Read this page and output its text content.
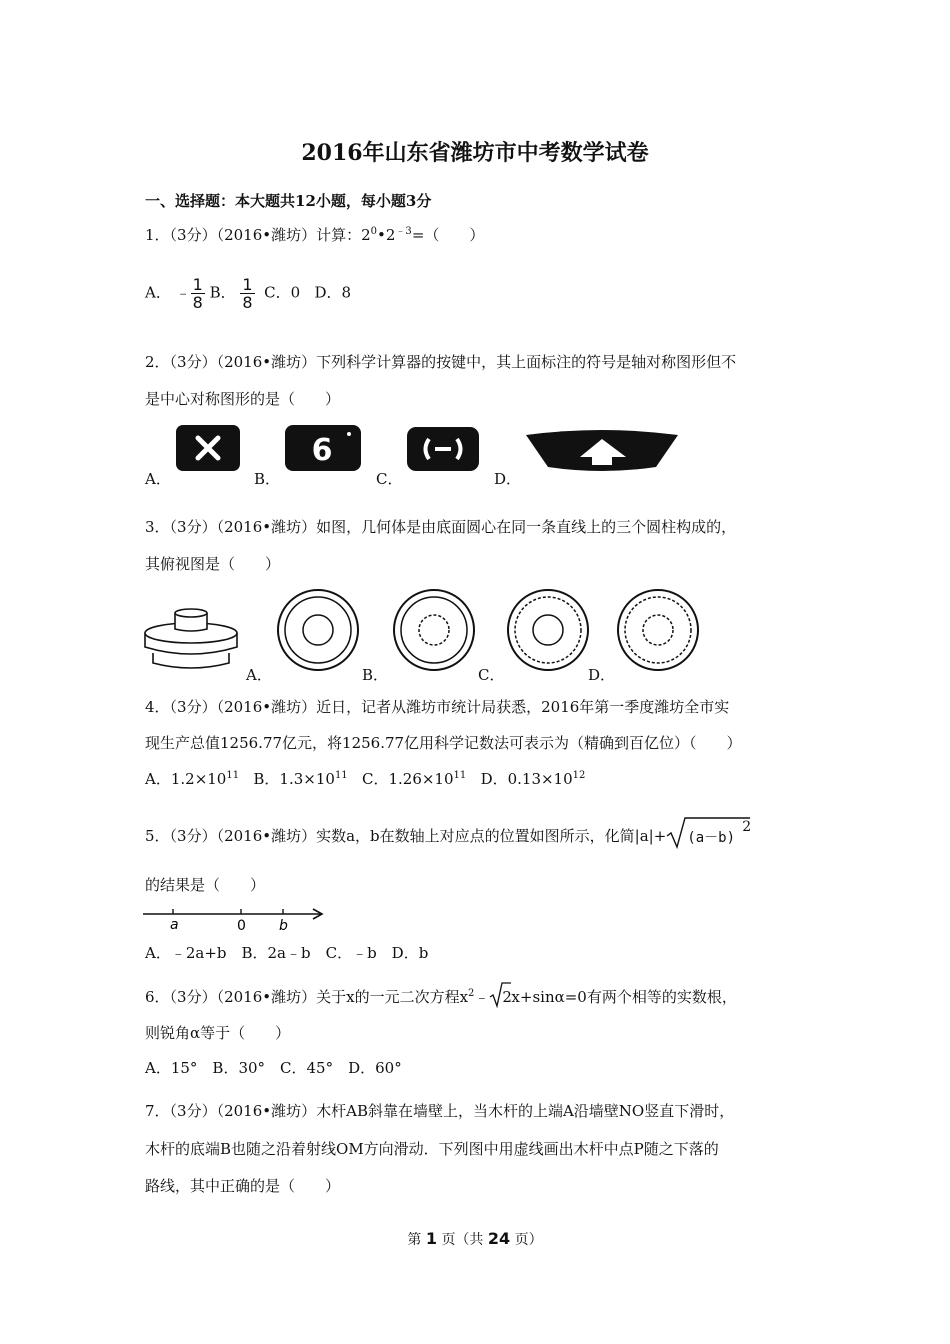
2016年山东省潍坊市中考数学试卷
一、选择题：本大题共12小题，每小题3分
1．（3分）（2016•潍坊）计算：$2^0•2^{﹣3}=$（　　）
A． ﹣ $\frac{1}{8}$ B． $\frac{1}{8}$ C．0 D．8
2．（3分）（2016•潍坊）下列科学计算器的按键中，其上面标注的符号是轴对称图形但不
是中心对称图形的是（　　）
A．	B．
6
C．	D．
3．（3分）（2016•潍坊）如图，几何体是由底面圆心在同一条直线上的三个圆柱构成的，
其俯视图是（　　）
A．	B．	C．	D．
4．（3分）（2016•潍坊）近日，记者从潍坊市统计局获悉，2016年第一季度潍坊全市实
现生产总值1256.77亿元，将1256.77亿用科学记数法可表示为（精确到百亿位）（　　）
A．$1.2\times 10^{11}$ B．$1.3\times 10^{11}$ C．$1.26\times 10^{11}$ D．$0.13\times 10^{12}$
5．（3分）（2016•潍坊）实数a，b在数轴上对应点的位置如图所示，化简|a|+ (a－b)
2
的结果是（　　）
a	0 b
A．﹣2a+b　B．2a﹣b　C．﹣b　D．b
6．（3分）（2016•潍坊）关于x的一元二次方程$x^2﹣$ 2 x+sinα=0有两个相等的实数根，
则锐角α等于（　　）
A．15°　B．30°　C．45°　D．60°
7．（3分）（2016•潍坊）木杆AB斜靠在墙壁上，当木杆的上端A沿墙壁NO竖直下滑时，
木杆的底端B也随之沿着射线OM方向滑动．下列图中用虚线画出木杆中点P随之下落的
路线，其中正确的是（　　）
第 1 页（共 24 页）
